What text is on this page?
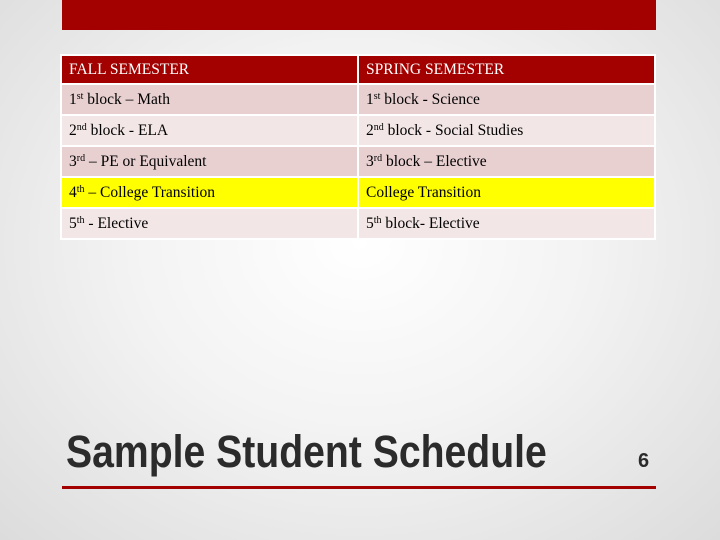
FALL SEMESTER	SPRING SEMESTER
1st block – Math	1st block - Science
2nd block - ELA	2nd block - Social Studies
3rd – PE or Equivalent	3rd block – Elective
4th – College Transition	College Transition
5th - Elective	5th block- Elective
Sample Student Schedule	6
